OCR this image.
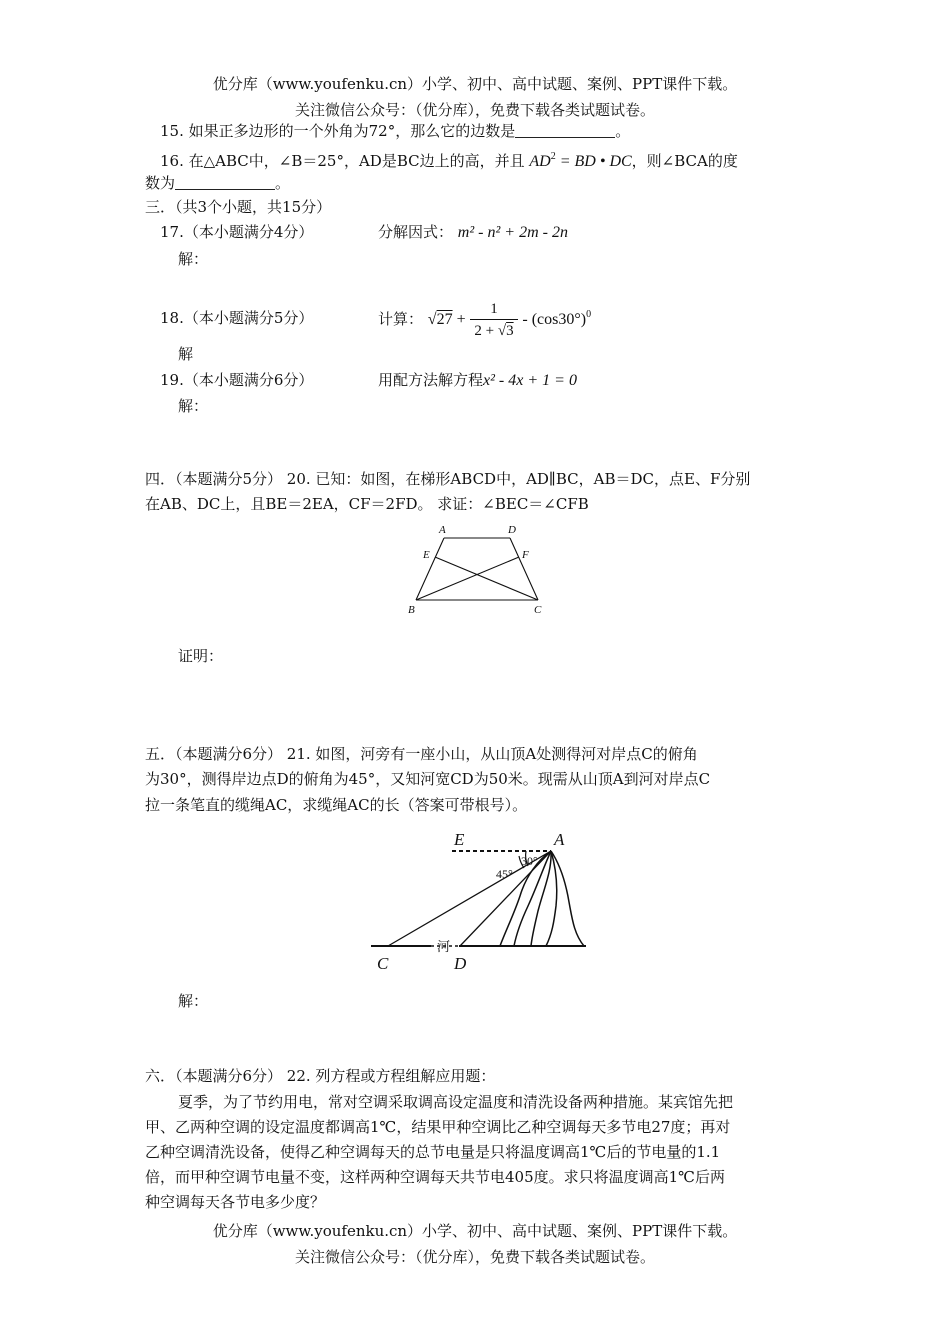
优分库（www.youfenku.cn）小学、初中、高中试题、案例、PPT课件下载。
关注微信公众号：（优分库），免费下载各类试题试卷。
15. 如果正多边形的一个外角为72°，那么它的边数是	。
16. 在△ABC中，∠B＝25°，AD是BC边上的高，并且 $AD^2$ = BD • DC，则∠BCA的度
数为	。
三．（共3个小题，共15分）
17.（本小题满分4分）	分解因式： m² - n² + 2m - 2n
解：
18.（本小题满分5分）	计算： $√27 + \frac{1}{2 + √3} - (\cos 30^\circ)^0$
解
19.（本小题满分6分）	用配方法解方程x² - 4x + 1 = 0
解：
四．（本题满分5分） 20. 已知：如图，在梯形ABCD中，AD∥BC，AB＝DC，点E、F分别
在AB、DC上，且BE＝2EA，CF＝2FD。 求证：∠BEC＝∠CFB
A	D
E	F
B	C
证明：
五．（本题满分6分） 21. 如图，河旁有一座小山，从山顶A处测得河对岸点C的俯角
为30°，测得岸边点D的俯角为45°，又知河宽CD为50米。现需从山顶A到河对岸点C
拉一条笔直的缆绳AC，求缆绳AC的长（答案可带根号）。
E	A
30°
45°
河
C	D
解：
六．（本题满分6分） 22. 列方程或方程组解应用题：
夏季，为了节约用电，常对空调采取调高设定温度和清洗设备两种措施。某宾馆先把
甲、乙两种空调的设定温度都调高1℃，结果甲种空调比乙种空调每天多节电27度；再对
乙种空调清洗设备，使得乙种空调每天的总节电量是只将温度调高1℃后的节电量的1.1
倍，而甲种空调节电量不变，这样两种空调每天共节电405度。求只将温度调高1℃后两
种空调每天各节电多少度？
优分库（www.youfenku.cn）小学、初中、高中试题、案例、PPT课件下载。
关注微信公众号：（优分库），免费下载各类试题试卷。
